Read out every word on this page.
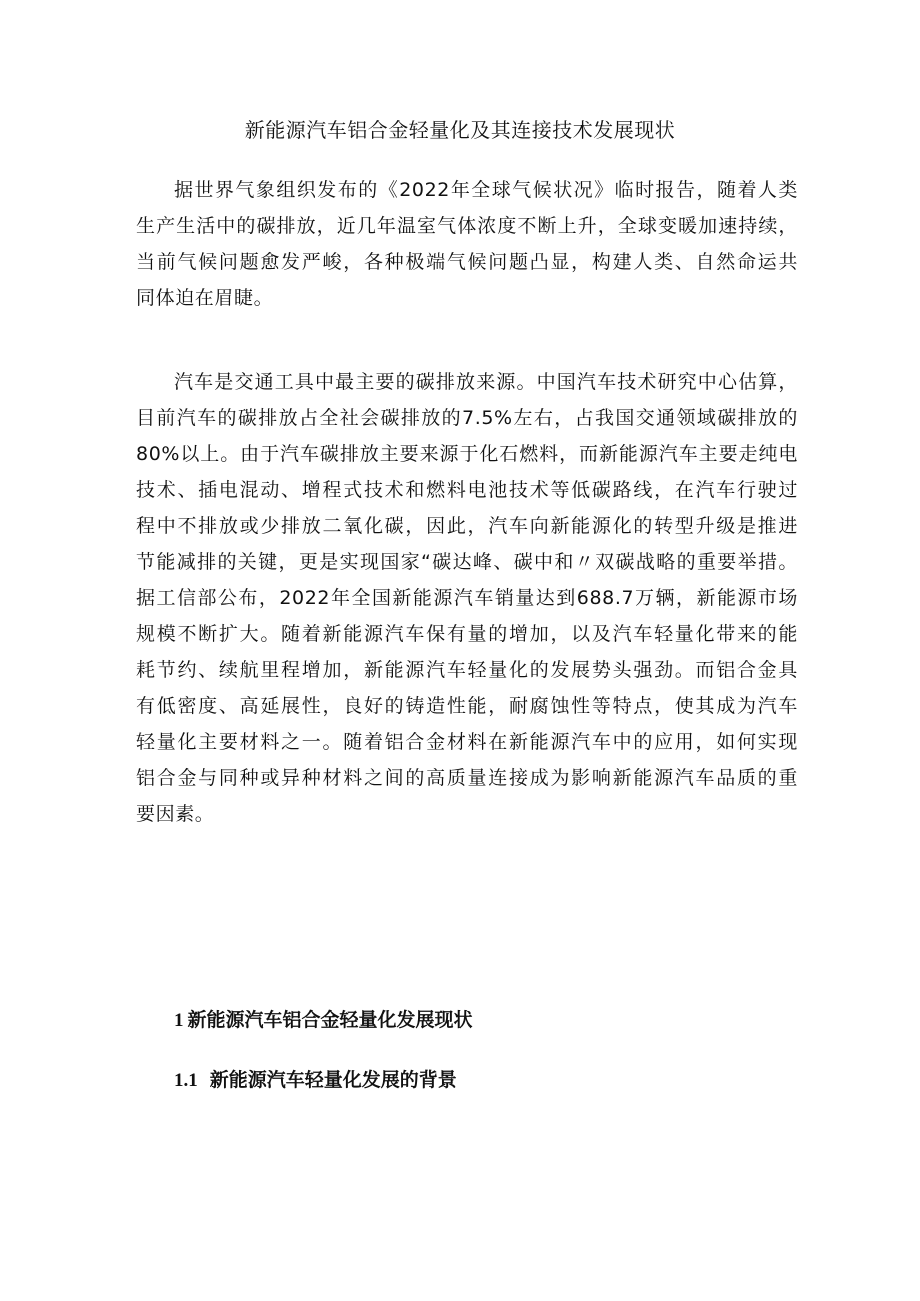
新能源汽车铝合金轻量化及其连接技术发展现状

据世界气象组织发布的《2022年全球气候状况》临时报告，随着人类
生产生活中的碳排放，近几年温室气体浓度不断上升，全球变暖加速持续，
当前气候问题愈发严峻，各种极端气候问题凸显，构建人类、自然命运共
同体迫在眉睫。

汽车是交通工具中最主要的碳排放来源。中国汽车技术研究中心估算，
目前汽车的碳排放占全社会碳排放的7.5%左右，占我国交通领域碳排放的
80%以上。由于汽车碳排放主要来源于化石燃料，而新能源汽车主要走纯电
技术、插电混动、增程式技术和燃料电池技术等低碳路线，在汽车行驶过
程中不排放或少排放二氧化碳，因此，汽车向新能源化的转型升级是推进
节能减排的关键，更是实现国家“碳达峰、碳中和〃双碳战略的重要举措。
据工信部公布，2022年全国新能源汽车销量达到688.7万辆，新能源市场
规模不断扩大。随着新能源汽车保有量的增加，以及汽车轻量化带来的能
耗节约、续航里程增加，新能源汽车轻量化的发展势头强劲。而铝合金具
有低密度、高延展性，良好的铸造性能，耐腐蚀性等特点，使其成为汽车
轻量化主要材料之一。随着铝合金材料在新能源汽车中的应用，如何实现
铝合金与同种或异种材料之间的高质量连接成为影响新能源汽车品质的重
要因素。

1 新能源汽车铝合金轻量化发展现状
1.1 新能源汽车轻量化发展的背景
